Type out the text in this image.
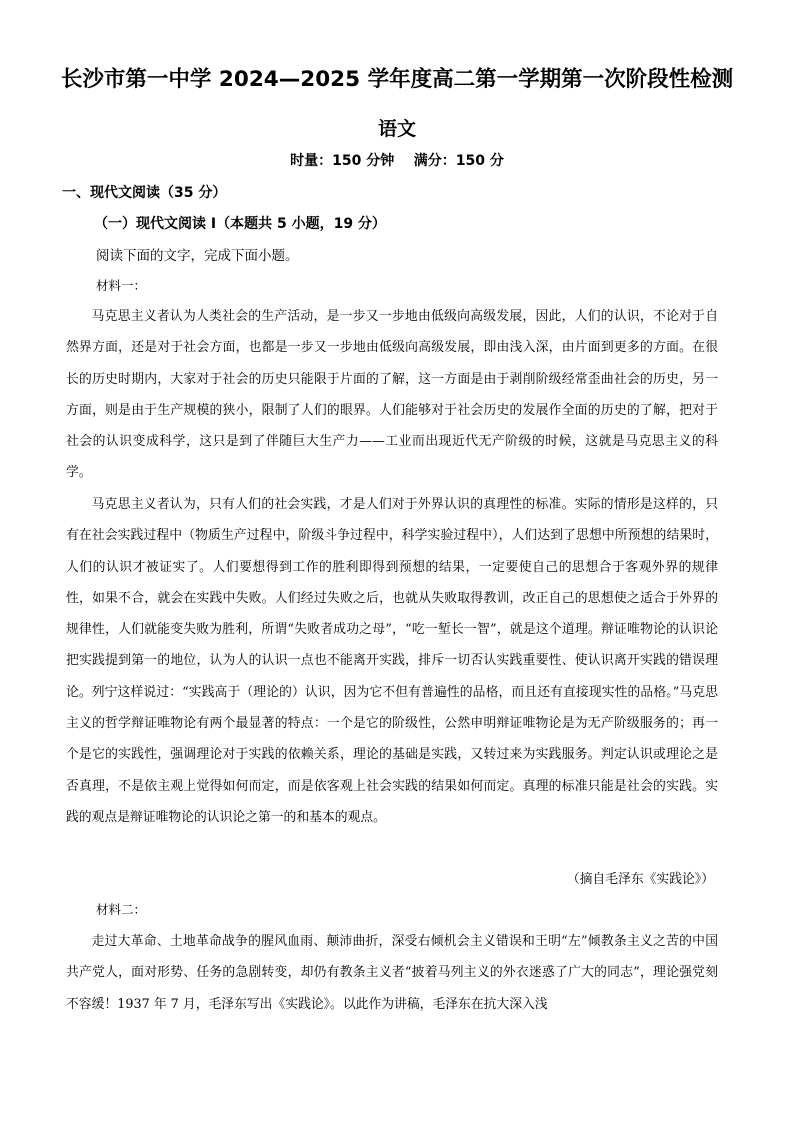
长沙市第一中学 2024—2025 学年度高二第一学期第一次阶段性检测
语文
时量：150 分钟    满分：150 分
一、现代文阅读（35 分）
（一）现代文阅读 I（本题共 5 小题，19 分）
阅读下面的文字，完成下面小题。
材料一：

马克思主义者认为人类社会的生产活动，是一步又一步地由低级向高级发展，因此，人们的认识，不论对于自然界方面，还是对于社会方面，也都是一步又一步地由低级向高级发展，即由浅入深，由片面到更多的方面。在很长的历史时期内，大家对于社会的历史只能限于片面的了解，这一方面是由于剥削阶级经常歪曲社会的历史，另一方面，则是由于生产规模的狭小，限制了人们的眼界。人们能够对于社会历史的发展作全面的历史的了解，把对于社会的认识变成科学，这只是到了伴随巨大生产力——工业而出现近代无产阶级的时候，这就是马克思主义的科学。

马克思主义者认为，只有人们的社会实践，才是人们对于外界认识的真理性的标准。实际的情形是这样的，只有在社会实践过程中（物质生产过程中，阶级斗争过程中，科学实验过程中），人们达到了思想中所预想的结果时，人们的认识才被证实了。人们要想得到工作的胜利即得到预想的结果，一定要使自己的思想合于客观外界的规律性，如果不合，就会在实践中失败。人们经过失败之后，也就从失败取得教训，改正自己的思想使之适合于外界的规律性，人们就能变失败为胜利，所谓“失败者成功之母”，“吃一堑长一智”，就是这个道理。辩证唯物论的认识论把实践提到第一的地位，认为人的认识一点也不能离开实践，排斥一切否认实践重要性、使认识离开实践的错误理论。列宁这样说过：“实践高于（理论的）认识，因为它不但有普遍性的品格，而且还有直接现实性的品格。”马克思主义的哲学辩证唯物论有两个最显著的特点：一个是它的阶级性，公然申明辩证唯物论是为无产阶级服务的；再一个是它的实践性，强调理论对于实践的依赖关系，理论的基础是实践，又转过来为实践服务。判定认识或理论之是否真理，不是依主观上觉得如何而定，而是依客观上社会实践的结果如何而定。真理的标准只能是社会的实践。实践的观点是辩证唯物论的认识论之第一的和基本的观点。

（摘自毛泽东《实践论》）
材料二：

走过大革命、土地革命战争的腥风血雨、颠沛曲折，深受右倾机会主义错误和王明“左”倾教条主义之苦的中国共产党人，面对形势、任务的急剧转变，却仍有教条主义者“披着马列主义的外衣迷惑了广大的同志”，理论强党刻不容缓！1937 年 7 月，毛泽东写出《实践论》。以此作为讲稿，毛泽东在抗大深入浅
